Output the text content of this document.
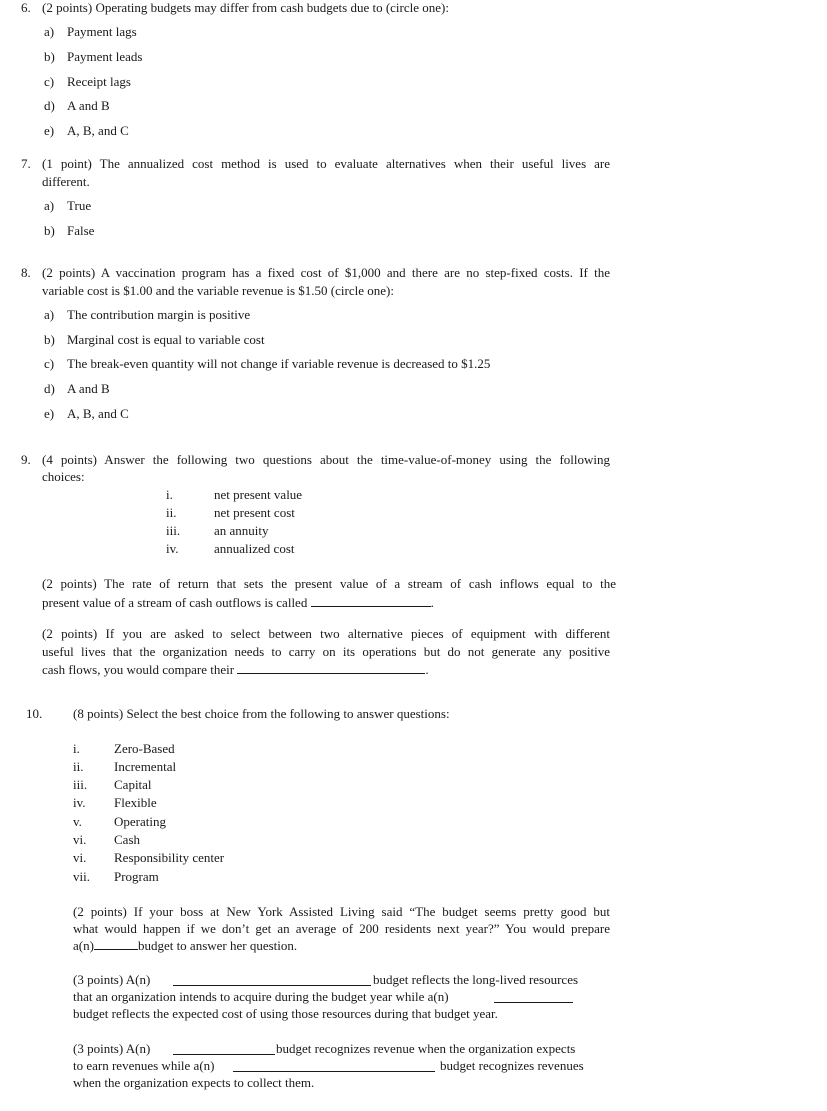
6. (2 points) Operating budgets may differ from cash budgets due to (circle one):
a) Payment lags
b) Payment leads
c) Receipt lags
d) A and B
e) A, B, and C
7. (1 point) The annualized cost method is used to evaluate alternatives when their useful lives are
different.
a) True
b) False
8. (2 points) A vaccination program has a fixed cost of $1,000 and there are no step-fixed costs. If the
variable cost is $1.00 and the variable revenue is $1.50 (circle one):
a) The contribution margin is positive
b) Marginal cost is equal to variable cost
c) The break-even quantity will not change if variable revenue is decreased to $1.25
d) A and B
e) A, B, and C
9. (4 points) Answer the following two questions about the time-value-of-money using the following
choices:
i.	net present value
ii.	net present cost
iii.	an annuity
iv.	annualized cost
(2 points) The rate of return that sets the present value of a stream of cash inflows equal to the
present value of a stream of cash outflows is called	.
(2 points) If you are asked to select between two alternative pieces of equipment with different
useful lives that the organization needs to carry on its operations but do not generate any positive
cash flows, you would compare their	.
10. (8 points) Select the best choice from the following to answer questions:
i.	Zero-Based
ii. Incremental
iii. Capital
iv. Flexible
v. Operating
vi. Cash
vi. Responsibility center
vii. Program
(2 points) If your boss at New York Assisted Living said “The budget seems pretty good but
what would happen if we don’t get an average of 200 residents next year?” You would prepare
a(n)	budget to answer her question.
(3 points) A(n)	budget reflects the long-lived resources
that an organization intends to acquire during the budget year while a(n)
budget reflects the expected cost of using those resources during that budget year.
(3 points) A(n)	budget recognizes revenue when the organization expects
to earn revenues while a(n)	budget recognizes revenues
when the organization expects to collect them.
